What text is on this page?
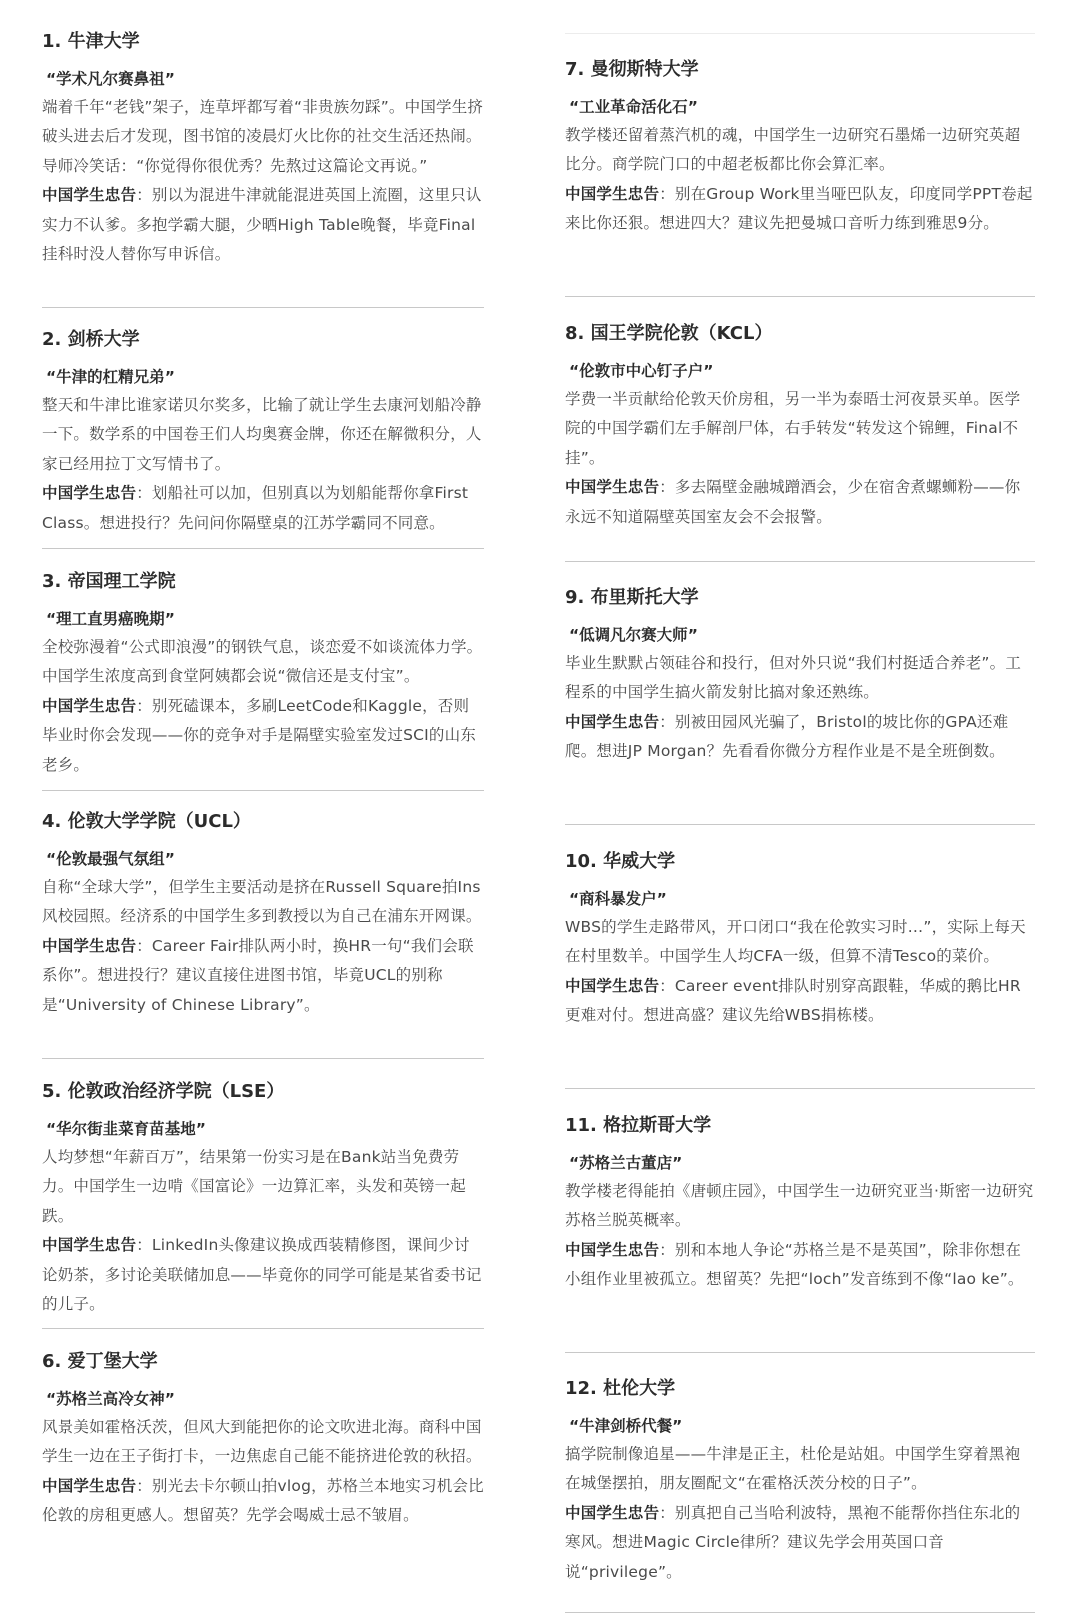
1. 牛津大学
“学术凡尔赛鼻祖”
端着千年“老钱”架子，连草坪都写着“非贵族勿踩”。中国学生挤破头进去后才发现，图书馆的凌晨灯火比你的社交生活还热闹。导师冷笑话：“你觉得你很优秀？先熬过这篇论文再说。”
中国学生忠告：别以为混进牛津就能混进英国上流圈，这里只认实力不认爹。多抱学霸大腿，少晒High Table晚餐，毕竟Final挂科时没人替你写申诉信。
2. 剑桥大学
“牛津的杠精兄弟”
整天和牛津比谁家诺贝尔奖多，比输了就让学生去康河划船冷静一下。数学系的中国卷王们人均奥赛金牌，你还在解微积分，人家已经用拉丁文写情书了。
中国学生忠告：划船社可以加，但别真以为划船能帮你拿First Class。想进投行？先问问你隔壁桌的江苏学霸同不同意。
3. 帝国理工学院
“理工直男癌晚期”
全校弥漫着“公式即浪漫”的钢铁气息，谈恋爱不如谈流体力学。中国学生浓度高到食堂阿姨都会说“微信还是支付宝”。
中国学生忠告：别死磕课本，多刷LeetCode和Kaggle，否则毕业时你会发现——你的竞争对手是隔壁实验室发过SCI的山东老乡。
4. 伦敦大学学院（UCL）
“伦敦最强气氛组”
自称“全球大学”，但学生主要活动是挤在Russell Square拍Ins风校园照。经济系的中国学生多到教授以为自己在浦东开网课。
中国学生忠告：Career Fair排队两小时，换HR一句“我们会联系你”。想进投行？建议直接住进图书馆，毕竟UCL的别称是“University of Chinese Library”。
5. 伦敦政治经济学院（LSE）
“华尔街韭菜育苗基地”
人均梦想“年薪百万”，结果第一份实习是在Bank站当免费劳力。中国学生一边啃《国富论》一边算汇率，头发和英镑一起跌。
中国学生忠告：LinkedIn头像建议换成西装精修图，课间少讨论奶茶，多讨论美联储加息——毕竟你的同学可能是某省委书记的儿子。
6. 爱丁堡大学
“苏格兰高冷女神”
风景美如霍格沃茨，但风大到能把你的论文吹进北海。商科中国学生一边在王子街打卡，一边焦虑自己能不能挤进伦敦的秋招。
中国学生忠告：别光去卡尔顿山拍vlog，苏格兰本地实习机会比伦敦的房租更感人。想留英？先学会喝威士忌不皱眉。
7. 曼彻斯特大学
“工业革命活化石”
教学楼还留着蒸汽机的魂，中国学生一边研究石墨烯一边研究英超比分。商学院门口的中超老板都比你会算汇率。
中国学生忠告：别在Group Work里当哑巴队友，印度同学PPT卷起来比你还狠。想进四大？建议先把曼城口音听力练到雅思9分。
8. 国王学院伦敦（KCL）
“伦敦市中心钉子户”
学费一半贡献给伦敦天价房租，另一半为泰晤士河夜景买单。医学院的中国学霸们左手解剖尸体，右手转发“转发这个锦鲤，Final不挂”。
中国学生忠告：多去隔壁金融城蹭酒会，少在宿舍煮螺蛳粉——你永远不知道隔壁英国室友会不会报警。
9. 布里斯托大学
“低调凡尔赛大师”
毕业生默默占领硅谷和投行，但对外只说“我们村挺适合养老”。工程系的中国学生搞火箭发射比搞对象还熟练。
中国学生忠告：别被田园风光骗了，Bristol的坡比你的GPA还难爬。想进JP Morgan？先看看你微分方程作业是不是全班倒数。
10. 华威大学
“商科暴发户”
WBS的学生走路带风，开口闭口“我在伦敦实习时…”，实际上每天在村里数羊。中国学生人均CFA一级，但算不清Tesco的菜价。
中国学生忠告：Career event排队时别穿高跟鞋，华威的鹅比HR更难对付。想进高盛？建议先给WBS捐栋楼。
11. 格拉斯哥大学
“苏格兰古董店”
教学楼老得能拍《唐顿庄园》，中国学生一边研究亚当·斯密一边研究苏格兰脱英概率。
中国学生忠告：别和本地人争论“苏格兰是不是英国”，除非你想在小组作业里被孤立。想留英？先把“loch”发音练到不像“lao ke”。
12. 杜伦大学
“牛津剑桥代餐”
搞学院制像追星——牛津是正主，杜伦是站姐。中国学生穿着黑袍在城堡摆拍，朋友圈配文“在霍格沃茨分校的日子”。
中国学生忠告：别真把自己当哈利波特，黑袍不能帮你挡住东北的寒风。想进Magic Circle律所？建议先学会用英国口音说“privilege”。
